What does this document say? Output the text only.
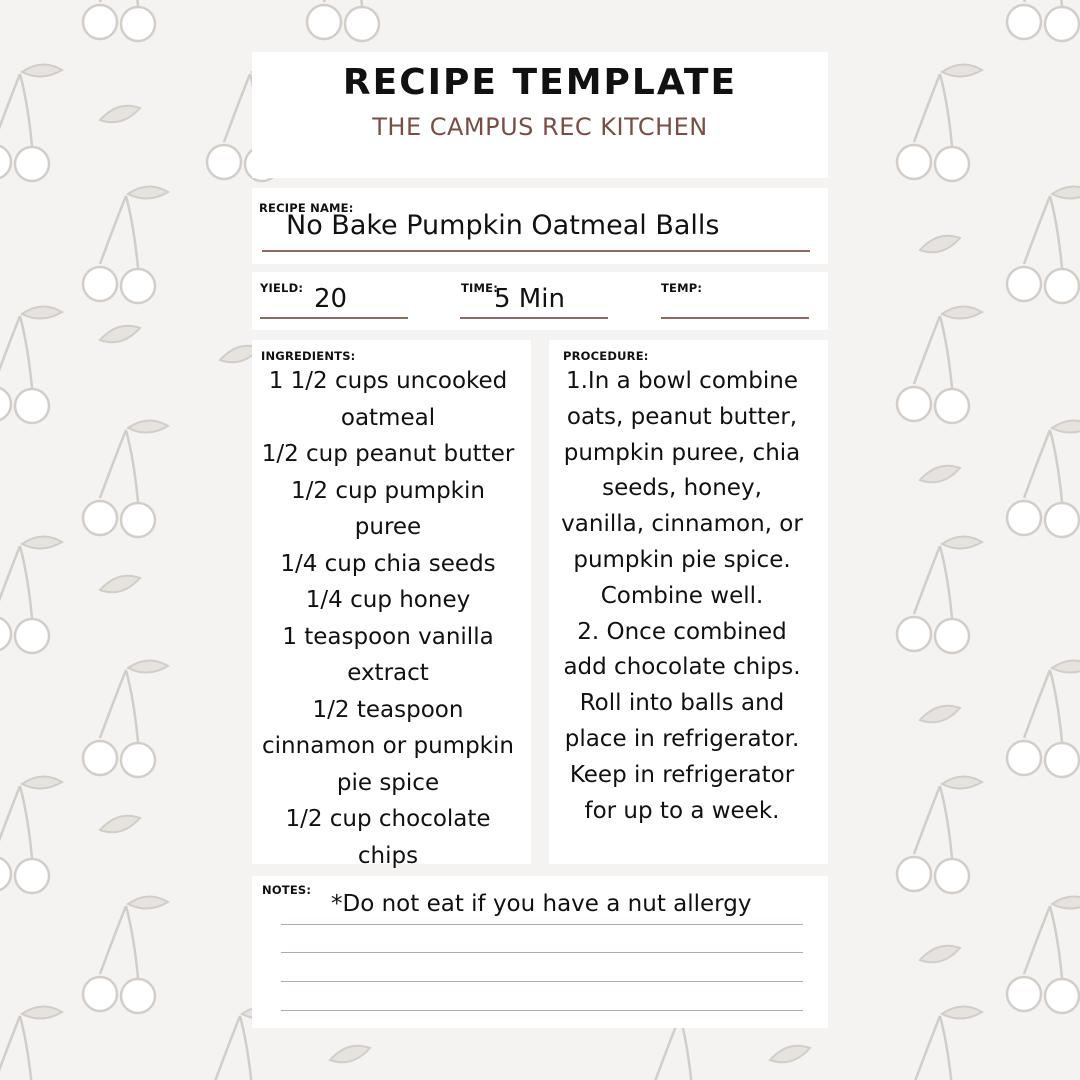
RECIPE TEMPLATE
THE CAMPUS REC KITCHEN
RECIPE NAME:
No Bake Pumpkin Oatmeal Balls
YIELD: 20	TIME:
5 Min	TEMP:
INGREDIENTS:
1 1/2 cups uncooked
oatmeal
1/2 cup peanut butter
1/2 cup pumpkin
puree
1/4 cup chia seeds
1/4 cup honey
1 teaspoon vanilla
extract
1/2 teaspoon
cinnamon or pumpkin
pie spice
1/2 cup chocolate
chips
PROCEDURE:
1.In a bowl combine
oats, peanut butter,
pumpkin puree, chia
seeds, honey,
vanilla, cinnamon, or
pumpkin pie spice.
Combine well.
2. Once combined
add chocolate chips.
Roll into balls and
place in refrigerator.
Keep in refrigerator
for up to a week.
NOTES:
*Do not eat if you have a nut allergy
